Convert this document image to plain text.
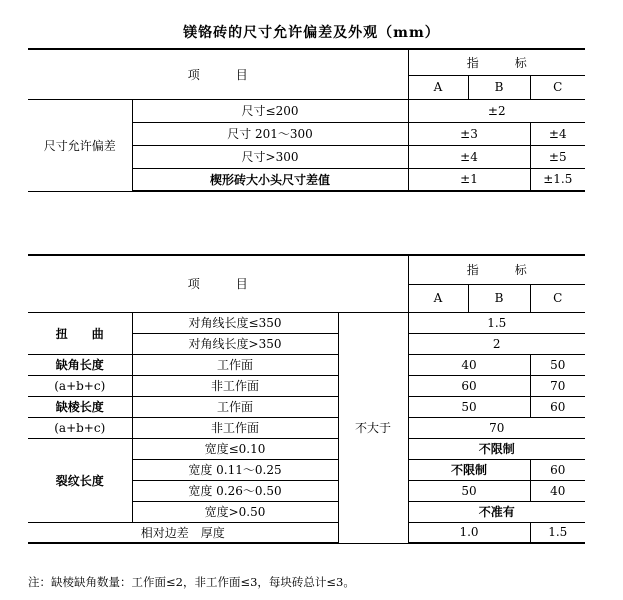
镁铬砖的尺寸允许偏差及外观（mm）
项　　　目		指　　　标		
		A	B	C
尺寸允许偏差	尺寸≤200	±2		
	尺寸 201～300	±3		±4
	尺寸>300	±4		±5
	楔形砖大小头尺寸差值	±1		±1.5
项　　　目			指　　　标		
			A	B	C
扭　　曲	对角线长度≤350	不大于	1.5		
	对角线长度>350		2		
缺角长度	工作面		40		50
(a+b+c)	非工作面		60		70
缺棱长度	工作面		50		60
(a+b+c)	非工作面		70		
裂纹长度	宽度≤0.10		不限制		
	宽度 0.11～0.25		不限制		60
	宽度 0.26～0.50		50		40
	宽度>0.50		不准有		
相对边差　厚度			1.0		1.5
注：缺棱缺角数量：工作面≤2，非工作面≤3，每块砖总计≤3。
